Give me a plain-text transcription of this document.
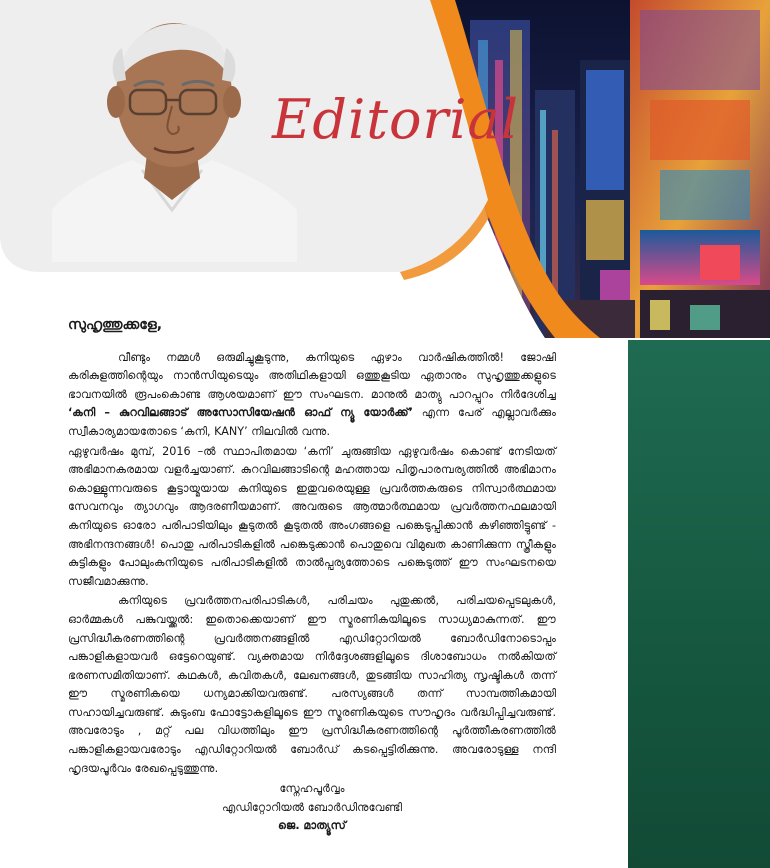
Editorial

സുഹൃത്തുക്കളേ,

വീണ്ടും നമ്മൾ ഒരുമിച്ചുകൂടുന്നു, കനിയുടെ ഏഴാം വാർഷികത്തിൽ! ജോഷി കരികുളത്തിന്റെയും നാൻസിയുടെയും അതിഥികളായി ഒത്തുകൂടിയ ഏതാനും സുഹൃത്തുക്കളുടെ ഭാവനയിൽ രൂപംകൊണ്ട ആശയമാണ് ഈ സംഘടന. മാനുൽ മാത്യു പാറപ്പുറം നിർദേശിച്ച ‘കനി – കുറവിലങ്ങാട് അസോസിയേഷൻ ഓഫ് ന്യൂ യോർക്ക്’ എന്ന പേര് എല്ലാവർക്കും സ്വീകാര്യമായതോടെ ‘കനി, KANY’ നിലവിൽ വന്നു.

ഏഴുവർഷം മുമ്പ്, 2016 –ൽ സ്ഥാപിതമായ ‘കനി’ ചുരുങ്ങിയ ഏഴുവർഷം കൊണ്ട് നേടിയത് അഭിമാനകരമായ വളർച്ചയാണ്. കുറവിലങ്ങാടിന്റെ മഹത്തായ പിതൃപാരമ്പര്യത്തിൽ അഭിമാനം കൊള്ളുന്നവരുടെ കൂട്ടായ്മയായ കനിയുടെ ഇതുവരെയുള്ള പ്രവർത്തകരുടെ നിസ്വാർത്ഥമായ സേവനവും ത്യാഗവും ആദരണീയമാണ്. അവരുടെ ആത്മാർത്ഥമായ പ്രവർത്തനഫലമായി കനിയുടെ ഓരോ പരിപാടിയിലും കൂടുതൽ കൂടുതൽ അംഗങ്ങളെ പങ്കെടുപ്പിക്കാൻ കഴിഞ്ഞിട്ടുണ്ട് - അഭിനന്ദനങ്ങൾ! പൊതു പരിപാടികളിൽ പങ്കെടുക്കാൻ പൊതുവെ വിമുഖത കാണിക്കുന്ന സ്ത്രീകളും കുട്ടികളും പോലുംകനിയുടെ പരിപാടികളിൽ താൽപ്പര്യത്തോടെ പങ്കെടുത്ത് ഈ സംഘടനയെ സജീവമാക്കുന്നു.

കനിയുടെ പ്രവർത്തനപരിപാടികൾ, പരിചയം പുതുക്കൽ, പരിചയപ്പെടലുകൾ, ഓർമ്മകൾ പങ്കുവയ്ക്കൽ: ഇതൊക്കെയാണ് ഈ സ്മരണികയിലൂടെ സാധ്യമാകുന്നത്. ഈ പ്രസിദ്ധീകരണത്തിന്റെ പ്രവർത്തനങ്ങളിൽ എഡിറ്റോറിയൽ ബോർഡിനോടൊപ്പം പങ്കാളികളായവർ ഒട്ടേറെയുണ്ട്. വ്യക്തമായ നിർദ്ദേശങ്ങളിലൂടെ ദിശാബോധം നൽകിയത് ഭരണസമിതിയാണ്. കഥകൾ, കവിതകൾ, ലേഖനങ്ങൾ, തുടങ്ങിയ സാഹിത്യ സൃഷ്ടികൾ തന്ന് ഈ സ്മരണികയെ ധന്യമാക്കിയവരുണ്ട്. പരസ്യങ്ങൾ തന്ന് സാമ്പത്തികമായി സഹായിച്ചവരുണ്ട്. കുടുംബ ഫോട്ടോകളിലൂടെ ഈ സ്മരണികയുടെ സൗഹൃദം വർദ്ധിപ്പിച്ചവരുണ്ട്. അവരോടും , മറ്റ് പല വിധത്തിലും ഈ പ്രസിദ്ധീകരണത്തിന്റെ പൂർത്തീകരണത്തിൽ പങ്കാളികളായവരോടും എഡിറ്റോറിയൽ ബോർഡ് കടപ്പെട്ടിരിക്കുന്നു. അവരോടുള്ള നന്ദി ഹൃദയപൂർവം രേഖപ്പെടുത്തുന്നു.

സ്നേഹപൂർവ്വം
എഡിറ്റോറിയൽ ബോർഡിനുവേണ്ടി
ജെ. മാത്യൂസ്
